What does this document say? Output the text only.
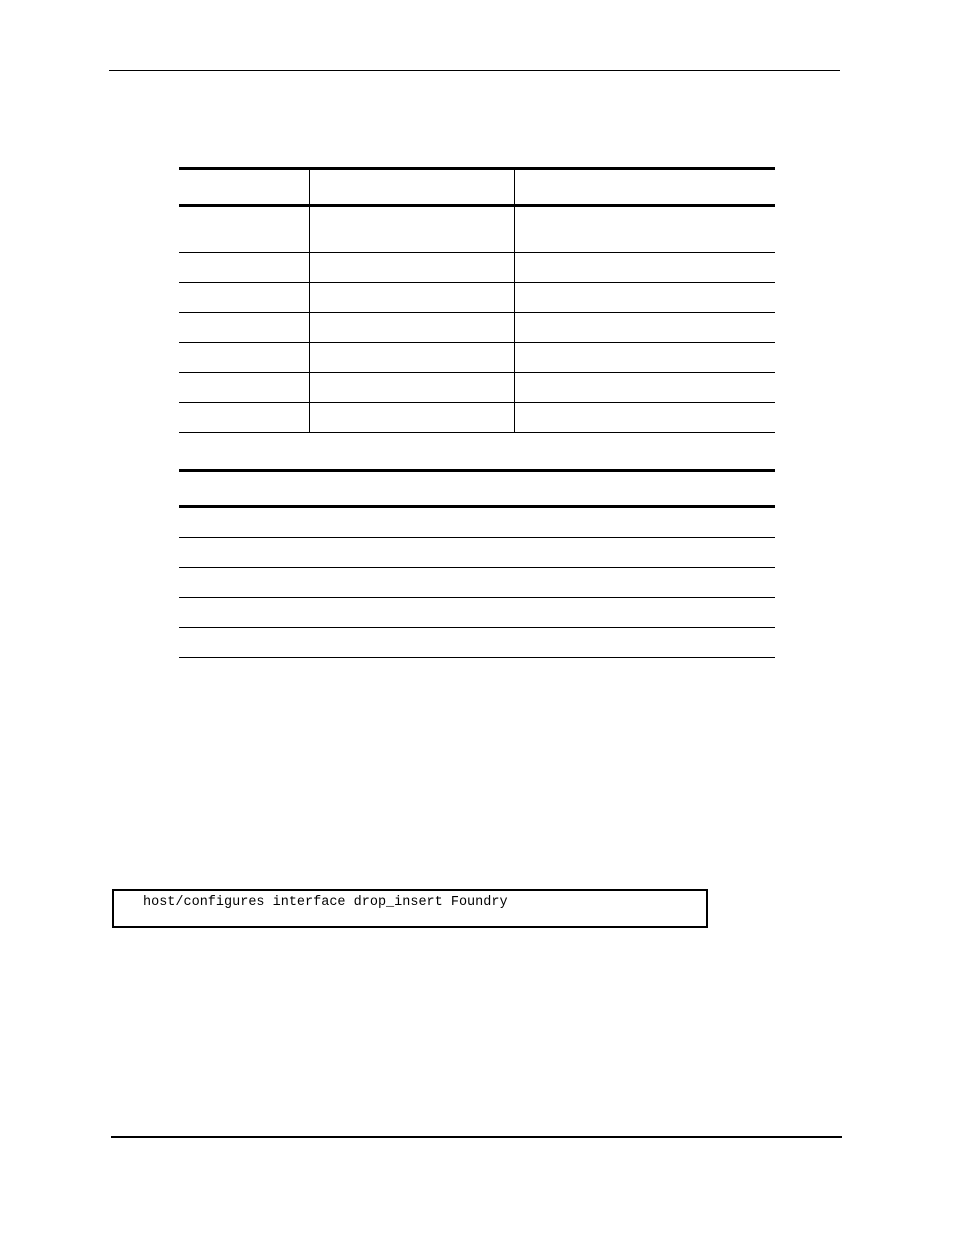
host/configures interface drop_insert Foundry
